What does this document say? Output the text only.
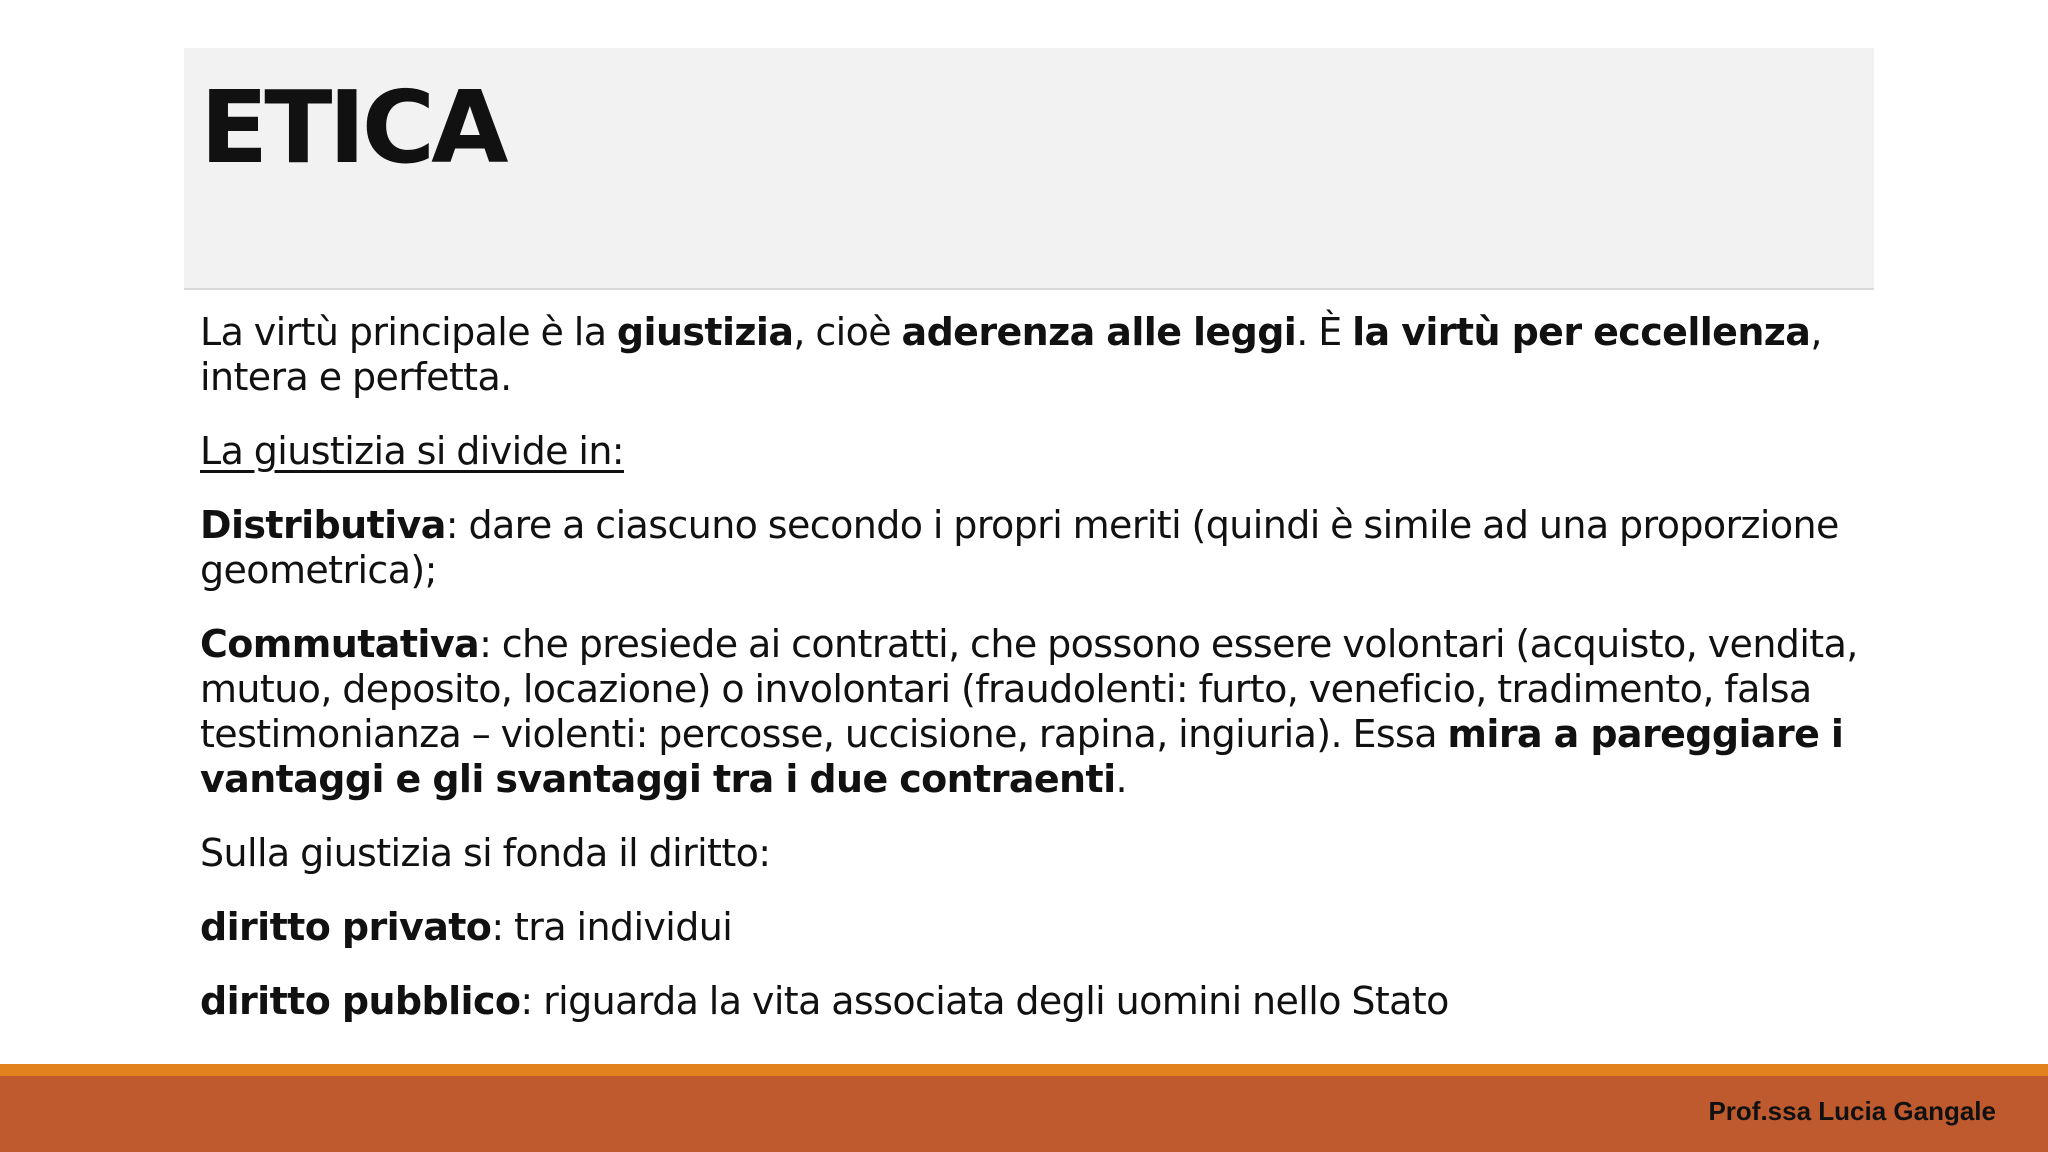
ETICA

La virtù principale è la giustizia, cioè aderenza alle leggi. È la virtù per eccellenza, intera e perfetta.

La giustizia si divide in:

Distributiva: dare a ciascuno secondo i propri meriti (quindi è simile ad una proporzione geometrica);

Commutativa: che presiede ai contratti, che possono essere volontari (acquisto, vendita, mutuo, deposito, locazione) o involontari (fraudolenti: furto, veneficio, tradimento, falsa testimonianza – violenti: percosse, uccisione, rapina, ingiuria). Essa mira a pareggiare i vantaggi e gli svantaggi tra i due contraenti.

Sulla giustizia si fonda il diritto:

diritto privato: tra individui

diritto pubblico: riguarda la vita associata degli uomini nello Stato

Prof.ssa Lucia Gangale
